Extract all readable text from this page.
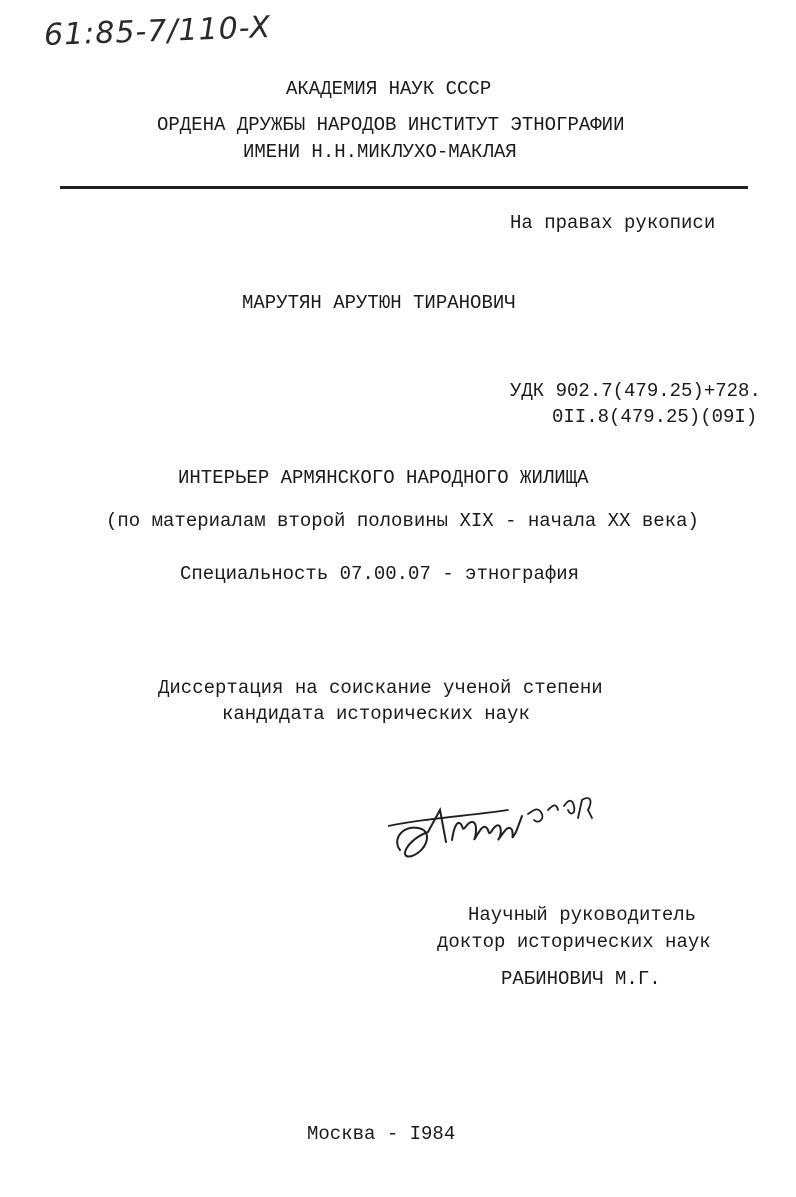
61:85-7/110-X
АКАДЕМИЯ НАУК СССР
ОРДЕНА ДРУЖБЫ НАРОДОВ ИНСТИТУТ ЭТНОГРАФИИ
ИМЕНИ Н.Н.МИКЛУХО-МАКЛАЯ
На правах рукописи
МАРУТЯН АРУТЮН ТИРАНОВИЧ
УДК 902.7(479.25)+728.
0II.8(479.25)(09I)
ИНТЕРЬЕР АРМЯНСКОГО НАРОДНОГО ЖИЛИЩА
(по материалам второй половины XIX - начала XX века)
Специальность 07.00.07 - этнография
Диссертация на соискание ученой степени
кандидата исторических наук
Научный руководитель
доктор исторических наук
РАБИНОВИЧ М.Г.
Москва - I984
